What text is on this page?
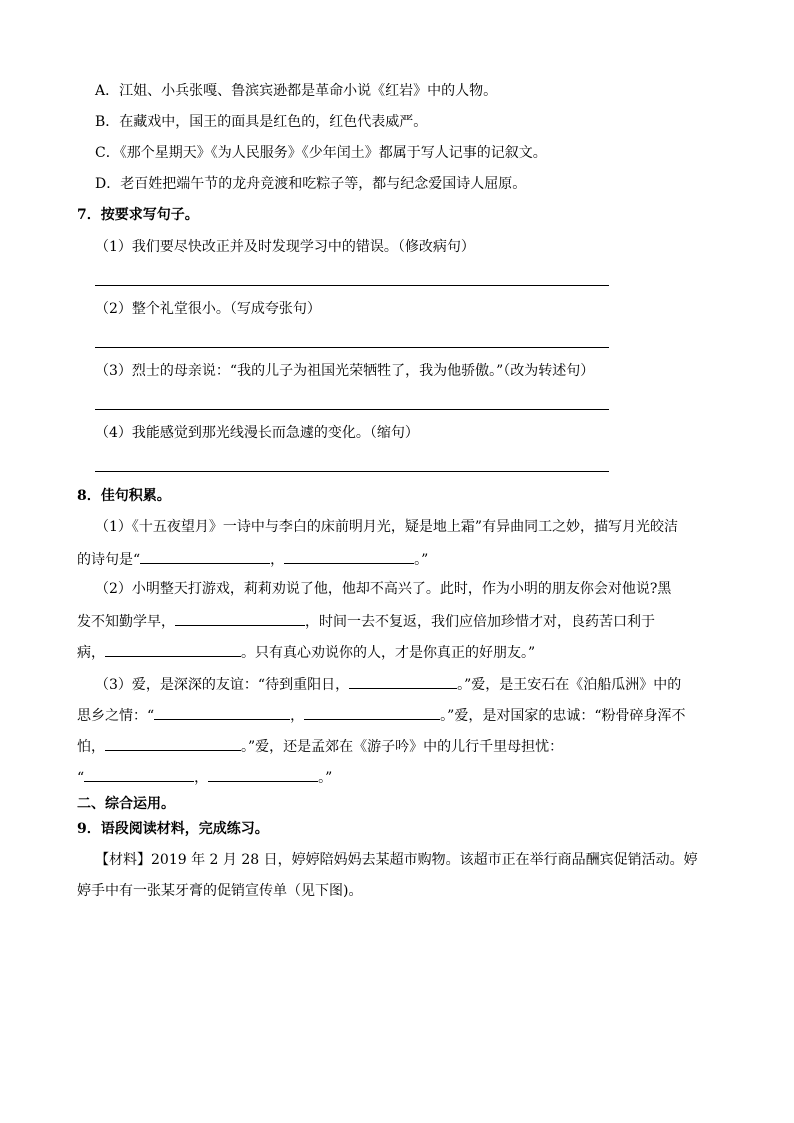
A．江姐、小兵张嘎、鲁滨宾逊都是革命小说《红岩》中的人物。
B．在藏戏中，国王的面具是红色的，红色代表威严。
C．《那个星期天》《为人民服务》《少年闰土》都属于写人记事的记叙文。
D．老百姓把端午节的龙舟竞渡和吃粽子等，都与纪念爱国诗人屈原。
7．按要求写句子。
（1）我们要尽快改正并及时发现学习中的错误。（修改病句）
（2）整个礼堂很小。（写成夸张句）
（3）烈士的母亲说：“我的儿子为祖国光荣牺牲了，我为他骄傲。”（改为转述句）
（4）我能感觉到那光线漫长而急遽的变化。（缩句）
8．佳句积累。
（1）《十五夜望月》一诗中与李白的床前明月光，疑是地上霜”有异曲同工之妙，描写月光皎洁
的诗句是“	，	。”
（2）小明整天打游戏，莉莉劝说了他，他却不高兴了。此时，作为小明的朋友你会对他说?黑
发不知勤学早，	，时间一去不复返，我们应倍加珍惜才对，良药苦口利于
病，	。只有真心劝说你的人，才是你真正的好朋友。”
（3）爱，是深深的友谊：“待到重阳日，	。”爱，是王安石在《泊船瓜洲》中的
思乡之情：“	，	。”爱，是对国家的忠诚：“粉骨碎身浑不
怕，	。”爱，还是孟郊在《游子吟》中的儿行千里母担忧：
“	，	。”
二、综合运用。
9．语段阅读材料，完成练习。
【材料】2019 年 2 月 28 日，婷婷陪妈妈去某超市购物。该超市正在举行商品酬宾促销活动。婷
婷手中有一张某牙膏的促销宣传单（见下图)。
